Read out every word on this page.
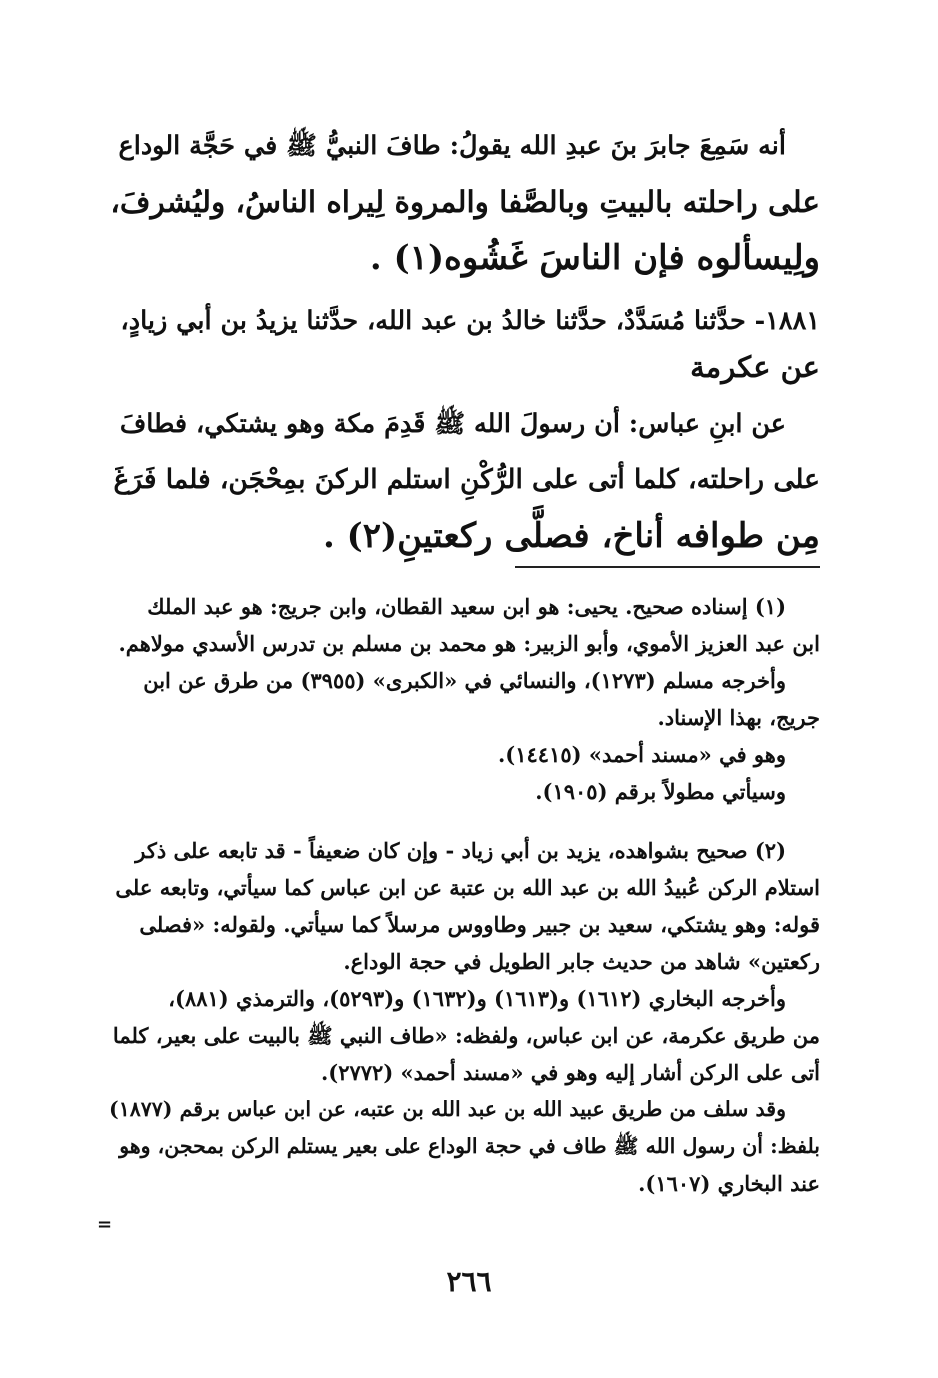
أنه سَمِعَ جابرَ بنَ عبدِ الله يقولُ: طافَ النبيُّ ﷺ في حَجَّة الوداع
على راحلته بالبيتِ وبالصَّفا والمروة لِيراه الناسُ، وليُشرفَ،
ولِيسألوه فإن الناسَ غَشُوه(١) .
١٨٨١- حدَّثنا مُسَدَّدٌ، حدَّثنا خالدُ بن عبد الله، حدَّثنا يزيدُ بن أبي زيادٍ،
عن عكرمة
عن ابنِ عباس: أن رسولَ الله ﷺ قَدِمَ مكة وهو يشتكي، فطافَ
على راحلته، كلما أتى على الرُّكْنِ استلم الركنَ بمِحْجَن، فلما فَرَغَ
مِن طوافه أناخ، فصلَّى ركعتينِ(٢) .
(١) إسناده صحيح. يحيى: هو ابن سعيد القطان، وابن جريج: هو عبد الملك
ابن عبد العزيز الأموي، وأبو الزبير: هو محمد بن مسلم بن تدرس الأسدي مولاهم.
وأخرجه مسلم (١٢٧٣)، والنسائي في «الكبرى» (٣٩٥٥) من طرق عن ابن
جريج، بهذا الإسناد.
وهو في «مسند أحمد» (١٤٤١٥).
وسيأتي مطولاً برقم (١٩٠٥).
(٢) صحيح بشواهده، يزيد بن أبي زياد - وإن كان ضعيفاً - قد تابعه على ذكر
استلام الركن عُبيدُ الله بن عبد الله بن عتبة عن ابن عباس كما سيأتي، وتابعه على
قوله: وهو يشتكي، سعيد بن جبير وطاووس مرسلاً كما سيأتي. ولقوله: «فصلى
ركعتين» شاهد من حديث جابر الطويل في حجة الوداع.
وأخرجه البخاري (١٦١٢) و(١٦١٣) و(١٦٣٢) و(٥٢٩٣)، والترمذي (٨٨١)،
من طريق عكرمة، عن ابن عباس، ولفظه: «طاف النبي ﷺ بالبيت على بعير، كلما
أتى على الركن أشار إليه وهو في «مسند أحمد» (٢٧٧٢).
وقد سلف من طريق عبيد الله بن عبد الله بن عتبه، عن ابن عباس برقم (١٨٧٧)
بلفظ: أن رسول الله ﷺ طاف في حجة الوداع على بعير يستلم الركن بمحجن، وهو
عند البخاري (١٦٠٧).
=
٢٦٦
